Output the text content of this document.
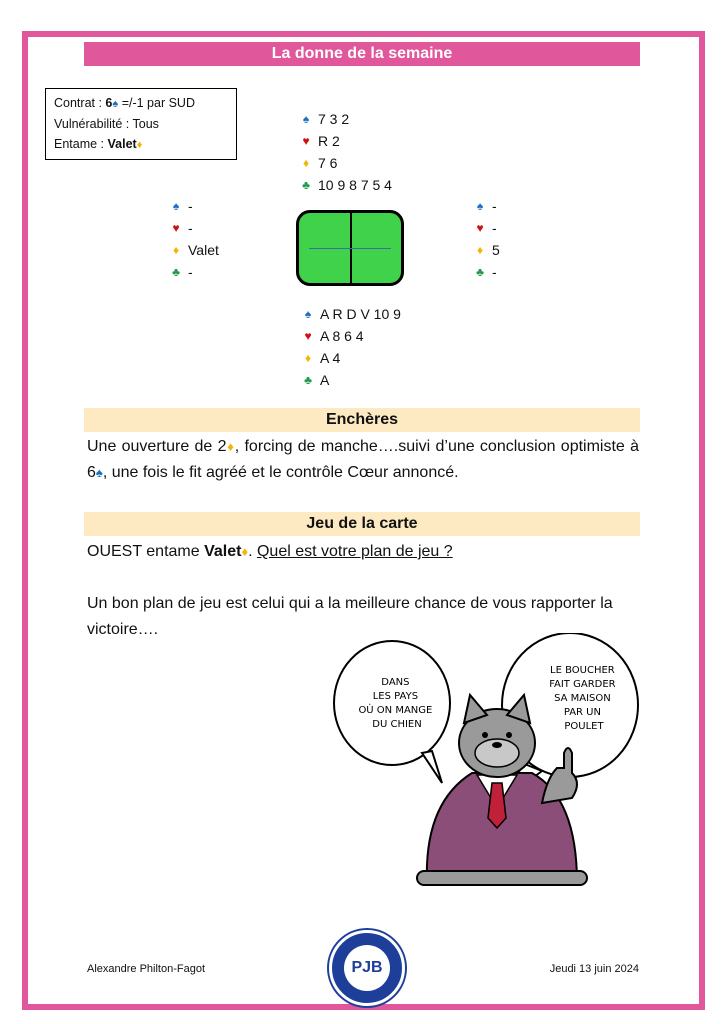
La donne de la semaine
Contrat : 6♠ =/-1 par SUD
Vulnérabilité : Tous
Entame : Valet♦
♠ 7 3 2
♥ R 2
♦ 7 6
♣ 10 9 8 7 5 4
♠ -
♥ -
♦ Valet
♣ -
♠ -
♥ -
♦ 5
♣ -
♠ A R D V 10 9
♥ A 8 6 4
♦ A 4
♣ A
Enchères
Une ouverture de 2♦, forcing de manche….suivi d’une conclusion optimiste à 6♠, une fois le fit agréé et le contrôle Cœur annoncé.
Jeu de la carte
OUEST entame Valet♦. Quel est votre plan de jeu ?
Un bon plan de jeu est celui qui a la meilleure chance de vous rapporter la victoire….
DANS LES PAYS OÙ ON MANGE DU CHIEN
LE BOUCHER FAIT GARDER SA MAISON PAR UN POULET
Alexandre Philton-Fagot	PJB	Jeudi 13 juin 2024
